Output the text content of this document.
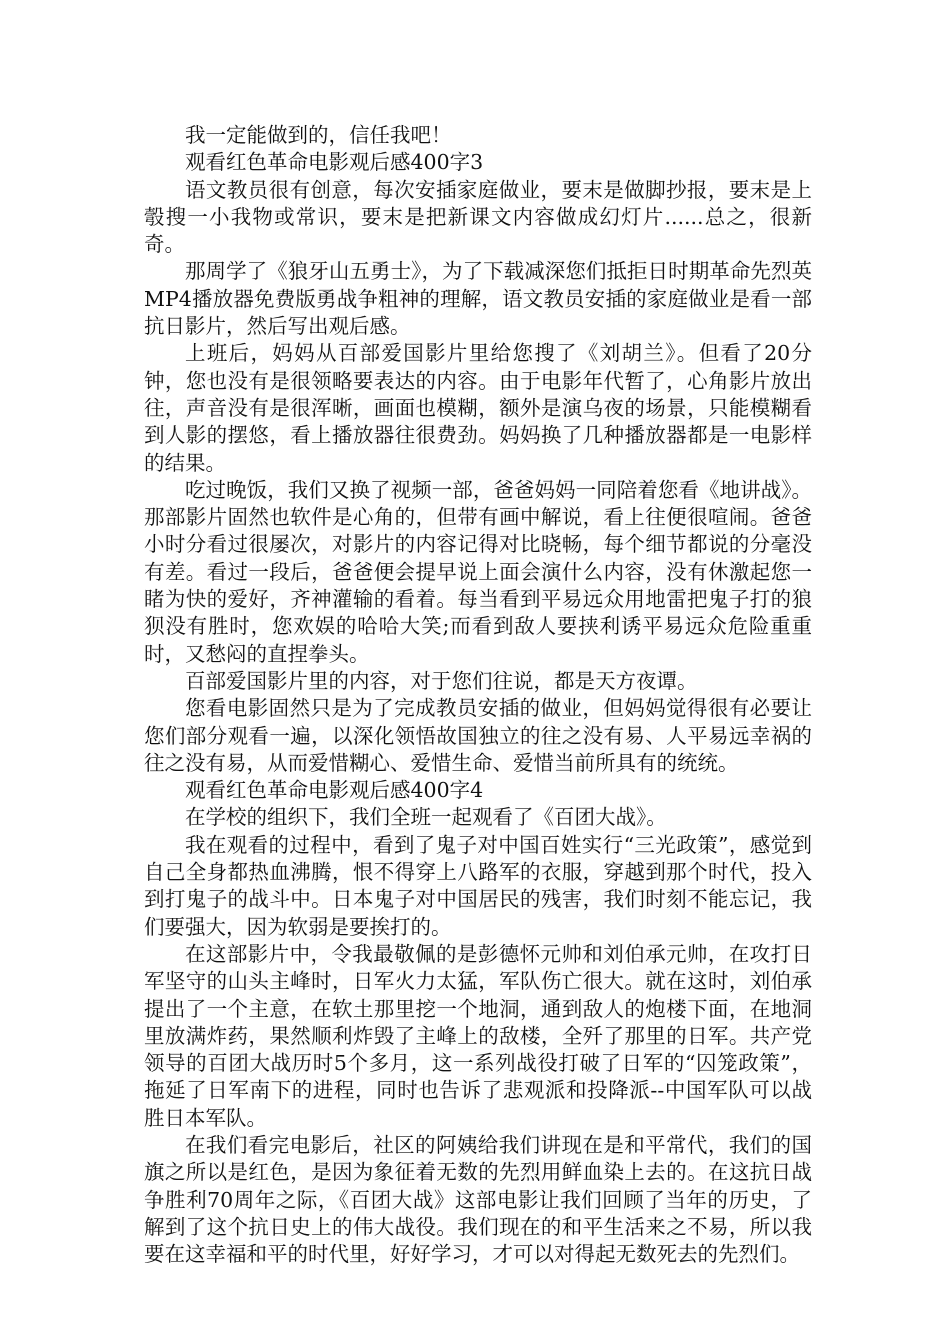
我一定能做到的，信任我吧！

观看红色革命电影观后感400字3

语文教员很有创意，每次安插家庭做业，要末是做脚抄报，要末是上彀搜一小我物或常识，要末是把新课文内容做成幻灯片......总之，很新奇。

那周学了《狼牙山五勇士》，为了下载减深您们抵拒日时期革命先烈英MP4播放器免费版勇战争粗神的理解，语文教员安插的家庭做业是看一部抗日影片，然后写出观后感。

上班后，妈妈从百部爱国影片里给您搜了《刘胡兰》。但看了20分钟，您也没有是很领略要表达的内容。由于电影年代暂了，心角影片放出往，声音没有是很浑晰，画面也模糊，额外是演乌夜的场景，只能模糊看到人影的摆悠，看上播放器往很费劲。妈妈换了几种播放器都是一电影样的结果。

吃过晚饭，我们又换了视频一部，爸爸妈妈一同陪着您看《地讲战》。那部影片固然也软件是心角的，但带有画中解说，看上往便很喧闹。爸爸小时分看过很屡次，对影片的内容记得对比晓畅，每个细节都说的分毫没有差。看过一段后，爸爸便会提早说上面会演什么内容，没有休激起您一睹为快的爱好，齐神灌输的看着。每当看到平易远众用地雷把鬼子打的狼狈没有胜时，您欢娱的哈哈大笑;而看到敌人要挟利诱平易远众危险重重时，又愁闷的直捏拳头。

百部爱国影片里的内容，对于您们往说，都是天方夜谭。

您看电影固然只是为了完成教员安插的做业，但妈妈觉得很有必要让您们部分观看一遍，以深化领悟故国独立的往之没有易、人平易远幸祸的往之没有易，从而爱惜糊心、爱惜生命、爱惜当前所具有的统统。

观看红色革命电影观后感400字4

在学校的组织下，我们全班一起观看了《百团大战》。

我在观看的过程中，看到了鬼子对中国百姓实行“三光政策”，感觉到自己全身都热血沸腾，恨不得穿上八路军的衣服，穿越到那个时代，投入到打鬼子的战斗中。日本鬼子对中国居民的残害，我们时刻不能忘记，我们要强大，因为软弱是要挨打的。

在这部影片中，令我最敬佩的是彭德怀元帅和刘伯承元帅，在攻打日军坚守的山头主峰时，日军火力太猛，军队伤亡很大。就在这时，刘伯承提出了一个主意，在软土那里挖一个地洞，通到敌人的炮楼下面，在地洞里放满炸药，果然顺利炸毁了主峰上的敌楼，全歼了那里的日军。共产党领导的百团大战历时5个多月，这一系列战役打破了日军的“囚笼政策”，拖延了日军南下的进程，同时也告诉了悲观派和投降派--中国军队可以战胜日本军队。

在我们看完电影后，社区的阿姨给我们讲现在是和平常代，我们的国旗之所以是红色，是因为象征着无数的先烈用鲜血染上去的。在这抗日战争胜利70周年之际，《百团大战》这部电影让我们回顾了当年的历史，了解到了这个抗日史上的伟大战役。我们现在的和平生活来之不易，所以我要在这幸福和平的时代里，好好学习，才可以对得起无数死去的先烈们。
